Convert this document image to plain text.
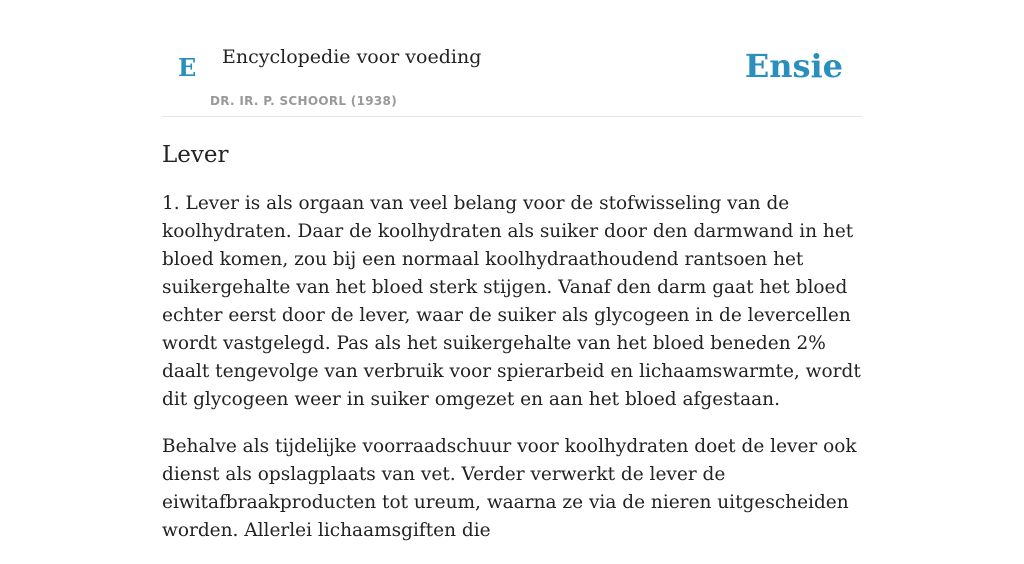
E Encyclopedie voor voeding
DR. IR. P. SCHOORL (1938)
Ensie
Lever

1. Lever is als orgaan van veel belang voor de stofwisseling van de koolhydraten. Daar de koolhydraten als suiker door den darmwand in het bloed komen, zou bij een normaal koolhydraathoudend rantsoen het suikergehalte van het bloed sterk stijgen. Vanaf den darm gaat het bloed echter eerst door de lever, waar de suiker als glycogeen in de levercellen wordt vastgelegd. Pas als het suikergehalte van het bloed beneden 2% daalt tengevolge van verbruik voor spierarbeid en lichaamswarmte, wordt dit glycogeen weer in suiker omgezet en aan het bloed afgestaan.

Behalve als tijdelijke voorraadschuur voor koolhydraten doet de lever ook dienst als opslagplaats van vet. Verder verwerkt de lever de eiwitafbraakproducten tot ureum, waarna ze via de nieren uitgescheiden worden. Allerlei lichaamsgiften die
